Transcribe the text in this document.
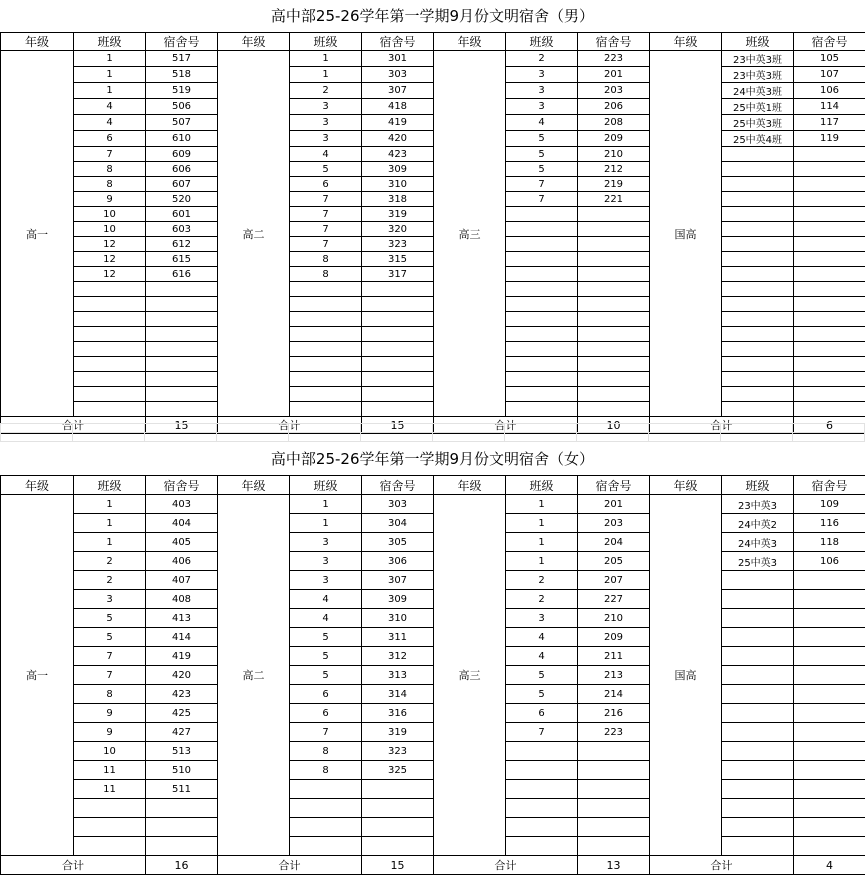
高中部25-26学年第一学期9月份文明宿舍（男）
年级	班级	宿舍号	年级	班级	宿舍号	年级	班级	宿舍号	年级	班级	宿舍号
高一	1	517	高二	1	301	高三	2	223	国高	23中英3班	105
	1	518		1	303		3	201		23中英3班	107
	1	519		2	307		3	203		24中英3班	106
	4	506		3	418		3	206		25中英1班	114
	4	507		3	419		4	208		25中英3班	117
	6	610		3	420		5	209		25中英4班	119
	7	609		4	423		5	210			
	8	606		5	309		5	212			
	8	607		6	310		7	219			
	9	520		7	318		7	221			
	10	601		7	319						
	10	603		7	320						
	12	612		7	323						
	12	615		8	315						
	12	616		8	317						

合计		15	合计		15	合计		10	合计		6

高中部25-26学年第一学期9月份文明宿舍（女）
年级	班级	宿舍号	年级	班级	宿舍号	年级	班级	宿舍号	年级	班级	宿舍号
高一	1	403	高二	1	303	高三	1	201	国高	23中英3	109
	1	404		1	304		1	203		24中英2	116
	1	405		3	305		1	204		24中英3	118
	2	406		3	306		1	205		25中英3	106
	2	407		3	307		2	207			
	3	408		4	309		2	227			
	5	413		4	310		3	210			
	5	414		5	311		4	209			
	7	419		5	312		4	211			
	7	420		5	313		5	213			
	8	423		6	314		5	214			
	9	425		6	316		6	216			
	9	427		7	319		7	223			
	10	513		8	323						
	11	510		8	325						
	11	511									

合计		16	合计		15	合计		13	合计		4
